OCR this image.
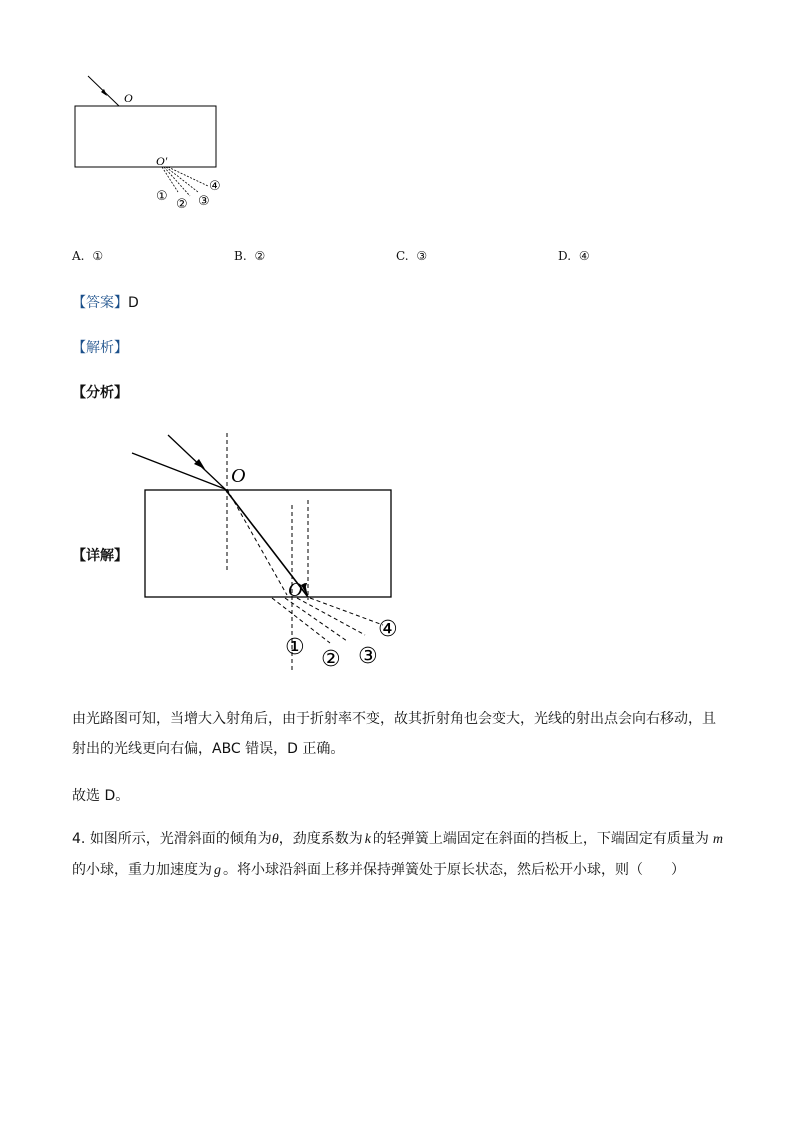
O
O′
①
② ③
④
A. ①	B. ②	C. ③	D. ④
【答案】D
【解析】
【分析】
【详解】
O
O′
① ② ③
④
由光路图可知，当增大入射角后，由于折射率不变，故其折射角也会变大，光线的射出点会向右移动，且
射出的光线更向右偏，ABC 错误，D 正确。
故选 D。
4. 如图所示，光滑斜面的倾角为θ，劲度系数为 k 的轻弹簧上端固定在斜面的挡板上，下端固定有质量为 m
的小球，重力加速度为 g 。将小球沿斜面上移并保持弹簧处于原长状态，然后松开小球，则（　　）
